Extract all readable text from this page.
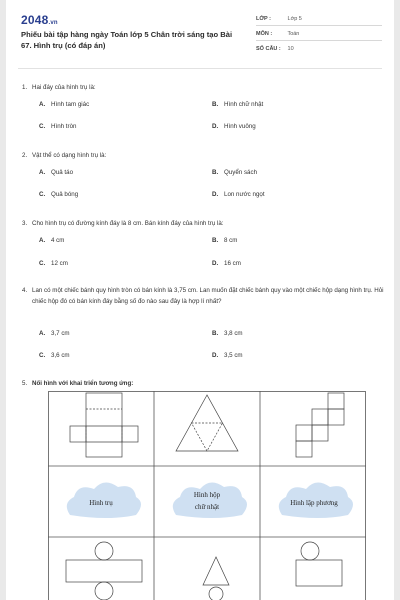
2048.vn
Phiếu bài tập hàng ngày Toán lớp 5 Chân trời sáng tạo Bài 67. Hình trụ (có đáp án)
LỚP :	Lớp 5
MÔN :	Toán
SỐ CÂU : 10
1. Hai đáy của hình trụ là:
A. Hình tam giác	B. Hình chữ nhật
C. Hình tròn	D. Hình vuông
2. Vật thể có dạng hình trụ là:
A. Quả táo	B. Quyển sách
C. Quả bóng	D. Lon nước ngọt
3. Cho hình trụ có đường kính đáy là 8 cm. Bán kính đáy của hình trụ là:
A. 4 cm	B. 8 cm
C. 12 cm	D. 16 cm
4. Lan có một chiếc bánh quy hình tròn có bán kính là 3,75 cm. Lan muốn đặt chiếc bánh quy vào một chiếc hộp dạng hình trụ. Hỏi chiếc hộp đó có bán kính đáy bằng số đo nào sau đây là hợp lí nhất?
A. 3,7 cm	B. 3,8 cm
C. 3,6 cm	D. 3,5 cm
5. Nối hình với khai triển tương ứng:
Hình trụ
Hình hộp
chữ nhật	Hình lập phương
